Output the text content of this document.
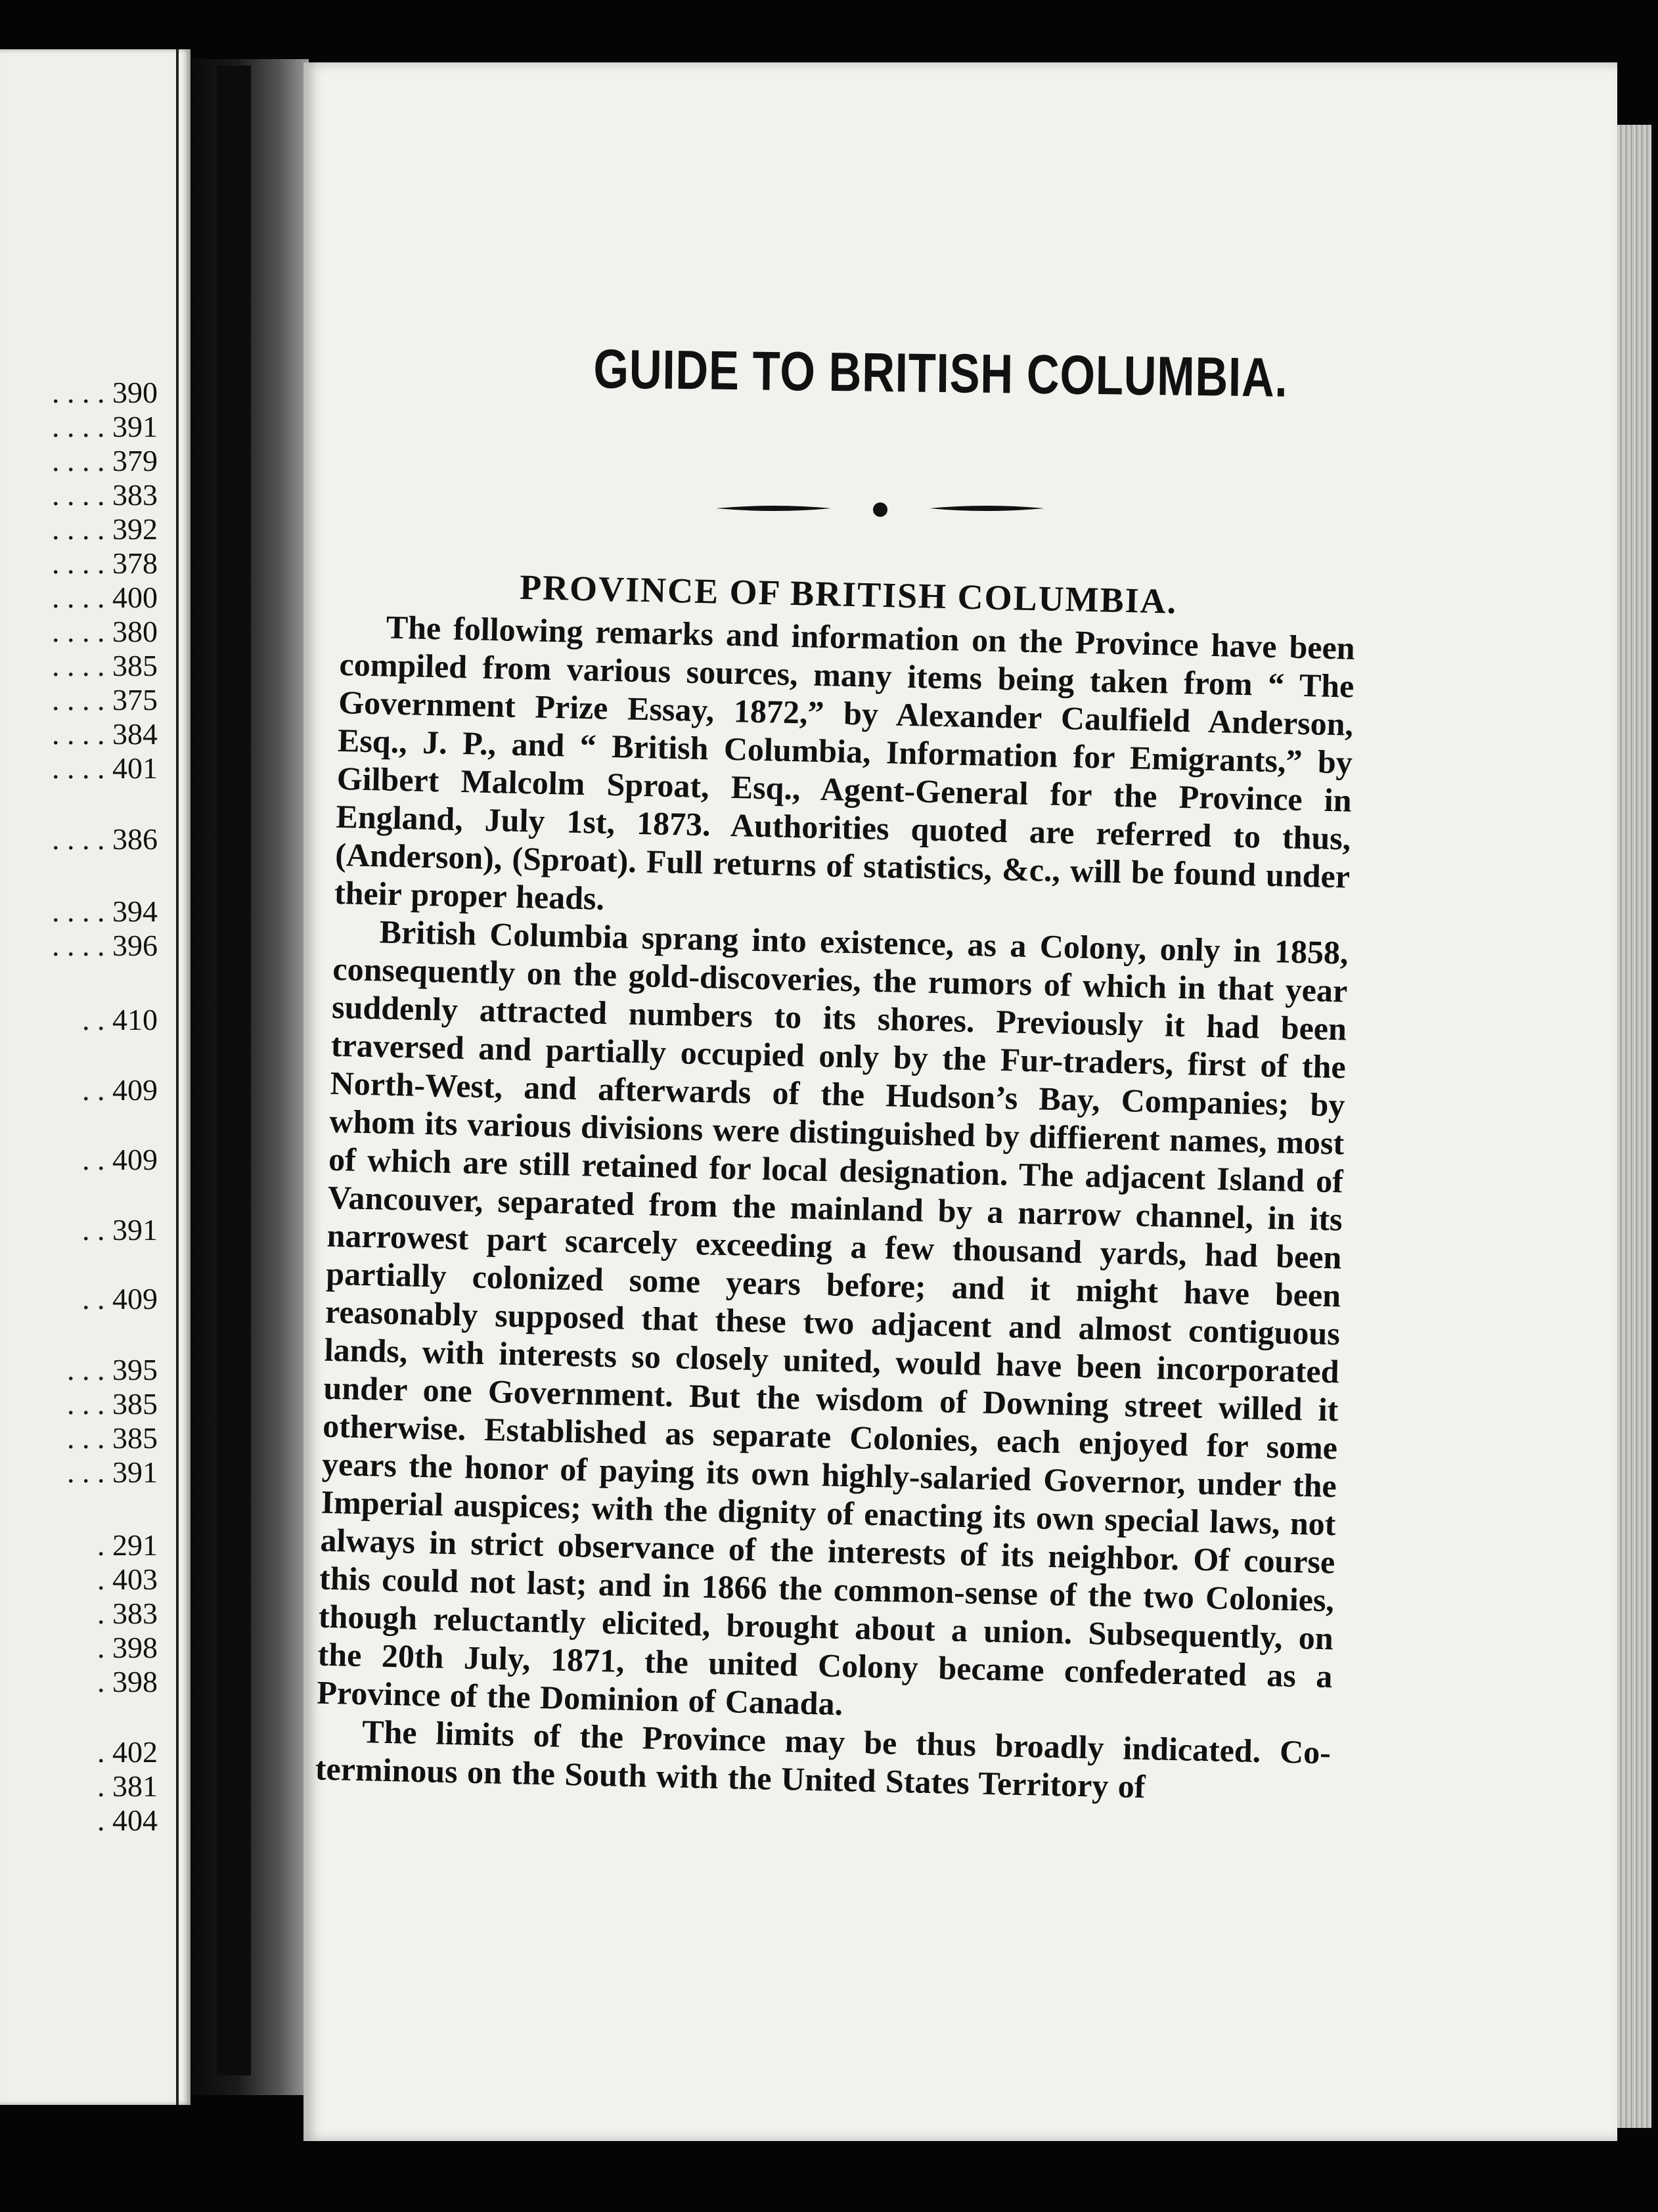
. . . . 390
. . . . 391
. . . . 379
. . . . 383
. . . . 392
. . . . 378
. . . . 400
. . . . 380
. . . . 385
. . . . 375
. . . . 384
. . . . 401
. . . . 386
. . . . 394
. . . . 396
. . 410
. . 409
. . 409
. . 391
. . 409
. . . 395
. . . 385
. . . 385
. . . 391
. 291
. 403
. 383
. 398
. 398
. 402
. 381
. 404
GUIDE TO BRITISH COLUMBIA.
PROVINCE OF BRITISH COLUMBIA.

The following remarks and information on the Province have been compiled from various sources, many items being taken from “ The Government Prize Essay, 1872,” by Alexander Caulfield Anderson, Esq., J. P., and “ British Columbia, Information for Emigrants,” by Gilbert Malcolm Sproat, Esq., Agent-General for the Province in England, July 1st, 1873. Authorities quoted are referred to thus, (Anderson), (Sproat). Full returns of statistics, &c., will be found under their proper heads.

British Columbia sprang into existence, as a Colony, only in 1858, consequently on the gold-discoveries, the rumors of which in that year suddenly attracted numbers to its shores. Previously it had been traversed and partially occupied only by the Fur-traders, first of the North-West, and afterwards of the Hudson’s Bay, Companies; by whom its various divisions were distinguished by diffierent names, most of which are still retained for local designation. The adjacent Island of Vancouver, separated from the mainland by a narrow channel, in its narrowest part scarcely exceeding a few thousand yards, had been partially colonized some years before; and it might have been reasonably supposed that these two adjacent and almost contiguous lands, with interests so closely united, would have been incorporated under one Government. But the wisdom of Downing street willed it otherwise. Established as separate Colonies, each enjoyed for some years the honor of paying its own highly-salaried Governor, under the Imperial auspices; with the dignity of enacting its own special laws, not always in strict observance of the interests of its neighbor. Of course this could not last; and in 1866 the common-sense of the two Colonies, though reluctantly elicited, brought about a union. Subsequently, on the 20th July, 1871, the united Colony became confederated as a Province of the Dominion of Canada.

The limits of the Province may be thus broadly indicated. Co-terminous on the South with the United States Territory of
